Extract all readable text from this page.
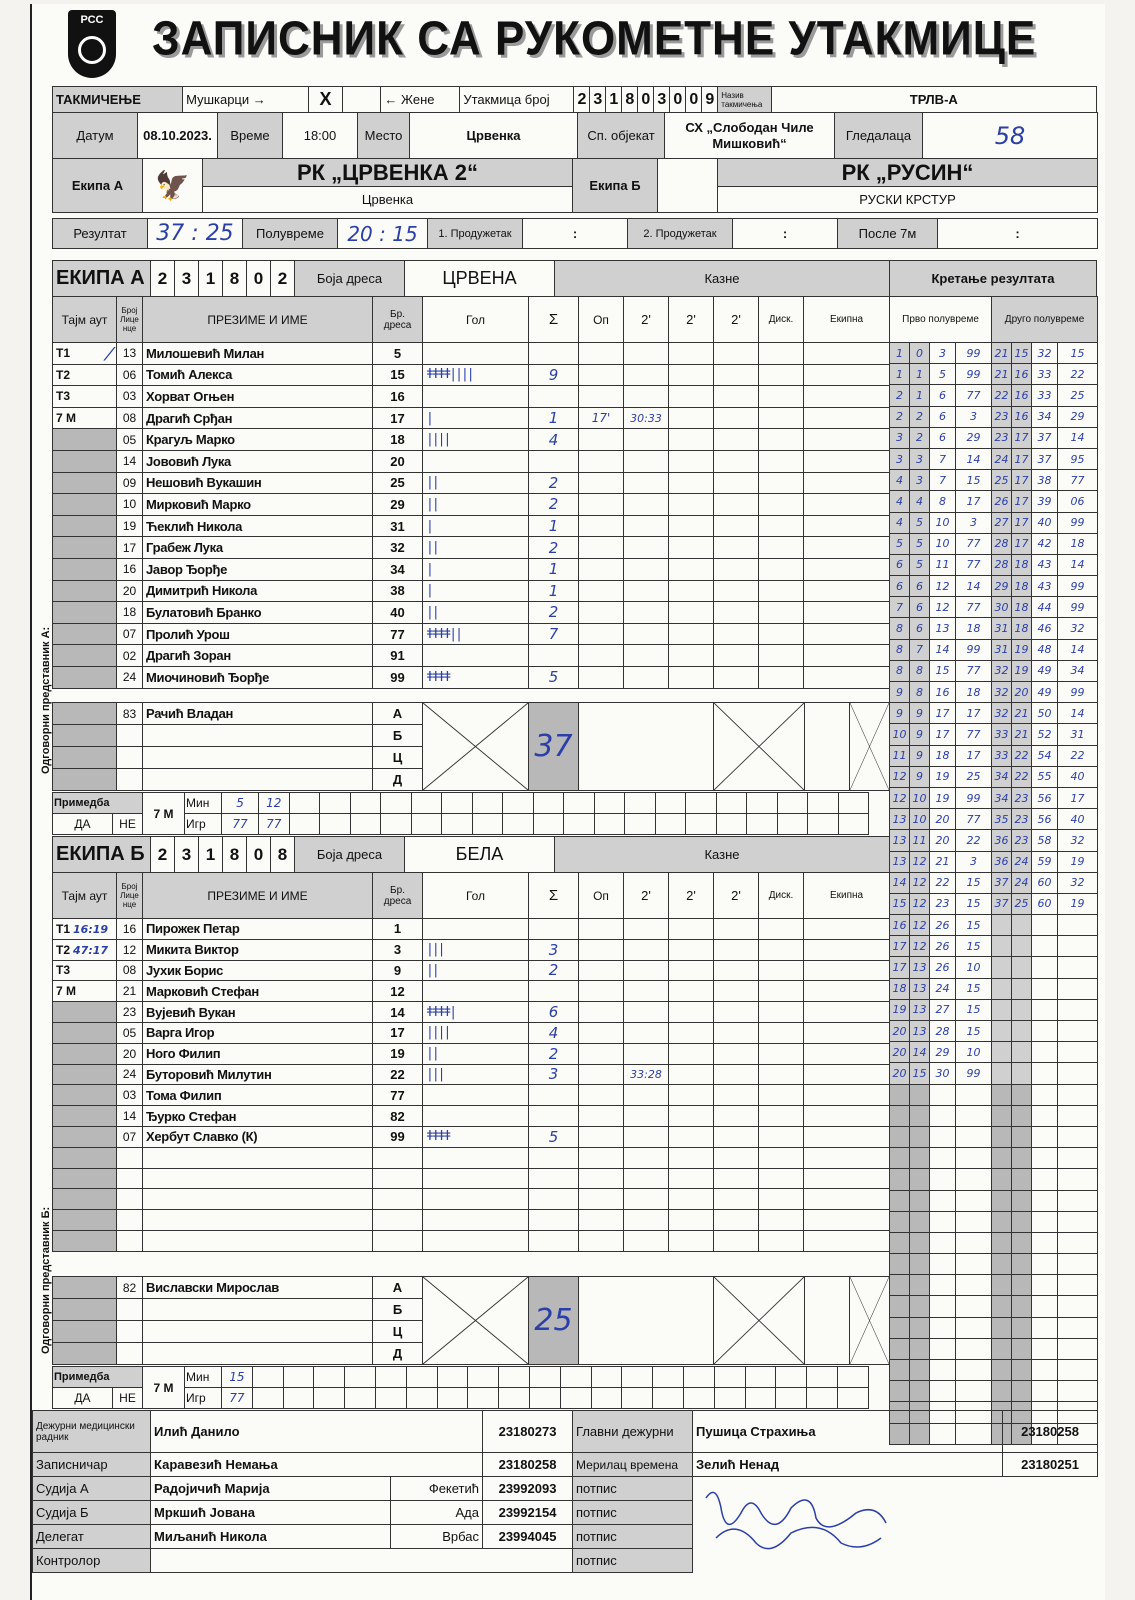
РСС ЗАПИСНИК СА РУКОМЕТНЕ УТАКМИЦЕ
ТАКМИЧЕЊЕ	Мушкарци →	X		← Жене	Утакмица број	2	3	1	8	0	3	0	0	9	Назив такмичења	ТРЛВ-А
Датум	08.10.2023.	Време	18:00	Место	Црвенка	Сп. објекат	СХ „Слободан Чиле Мишковић“	Гледалаца	58
Екипа А	🦅	РК „ЦРВЕНКА 2“	Екипа Б		РК „РУСИН“
		Црвенка			РУСКИ КРСТУР
Резултат	37 : 25	Полувреме	20 : 15	1. Продужетак	:	2. Продужетак	:	После 7м	:
ЕКИПА А	2	3	1	8	0	2	Боја дреса	ЦРВЕНА	Казне
Тајм аут	Број Лице нце	ПРЕЗИМЕ И ИМЕ	Бр. дреса	Гол	Σ	Оп	2'	2'	2'	Диск.	Екипна
Т1	13	Милошевић Милан	5								
Т2	06	Томић Алекса	15	ǂǂǂǂ||||	9						
Т3	03	Хорват Огњен	16								
7 М	08	Драгић Срђан	17	|	1	17'	30:33				
	05	Крагуљ Марко	18	||||	4						
	14	Јововић Лука	20								
	09	Нешовић Вукашин	25	||	2						
	10	Мирковић Марко	29	||	2						
	19	Ћеклић Никола	31	|	1						
	17	Грабеж Лука	32	||	2						
	16	Јавор Ђорђе	34	|	1						
	20	Димитрић Никола	38	|	1						
	18	Булатовић Бранко	40	||	2						
	07	Пролић Урош	77	ǂǂǂǂ||	7						
	02	Драгић Зоран	91								
	24	Миочиновић Ђорђе	99	ǂǂǂǂ	5						
⁄
	83	Рачић Владан	А		37		

			Б						
			Ц						
			Д						
Примедба		7 М	Мин	5	12																			
ДА	НЕ		Игр	77	77																			
Одговорни представник А:
ЕКИПА Б	2	3	1	8	0	8	Боја дреса	БЕЛА	Казне
Тајм аут	Број Лице нце	ПРЕЗИМЕ И ИМЕ	Бр. дреса	Гол	Σ	Оп	2'	2'	2'	Диск.	Екипна
Т1 16:19	16	Пирожек Петар	1								
Т2 47:17	12	Микита Виктор	3	|||	3						
Т3	08	Јухик Борис	9	||	2						
7 М	21	Марковић Стефан	12								
	23	Вујевић Вукан	14	ǂǂǂǂ|	6						
	05	Варга Игор	17	||||	4						
	20	Ного Филип	19	||	2						
	24	Буторовић Милутин	22	|||	3		33:28				
	03	Тома Филип	77								
	14	Ђурко Стефан	82								
	07	Хербут Славко (К)	99	ǂǂǂǂ	5						

	82	Виславски Мирослав	А		25		

			Б						
			Ц						
			Д						
Примедба		7 М	Мин	15																				
ДА	НЕ		Игр	77																				
Одговорни представник Б:
Кретање резултата
Прво полувреме				Друго полувреме			
1	0	3	99	21	15	32	15
1	1	5	99	21	16	33	22
2	1	6	77	22	16	33	25
2	2	6	3	23	16	34	29
3	2	6	29	23	17	37	14
3	3	7	14	24	17	37	95
4	3	7	15	25	17	38	77
4	4	8	17	26	17	39	06
4	5	10	3	27	17	40	99
5	5	10	77	28	17	42	18
6	5	11	77	28	18	43	14
6	6	12	14	29	18	43	99
7	6	12	77	30	18	44	99
8	6	13	18	31	18	46	32
8	7	14	99	31	19	48	14
8	8	15	77	32	19	49	34
9	8	16	18	32	20	49	99
9	9	17	17	32	21	50	14
10	9	17	77	33	21	52	31
11	9	18	17	33	22	54	22
12	9	19	25	34	22	55	40
12	10	19	99	34	23	56	17
13	10	20	77	35	23	56	40
13	11	20	22	36	23	58	32
13	12	21	3	36	24	59	19
14	12	22	15	37	24	60	32
15	12	23	15	37	25	60	19
16	12	26	15				
17	12	26	15				
17	13	26	10				
18	13	24	15				
19	13	27	15				
20	13	28	15				
20	14	29	10				
20	15	30	99				

Дежурни медицински радник	Илић Данило		23180273	Главни дежурни	Пушица Страхиња	23180258
Записничар	Каравезић Немања		23180258	Мерилац времена	Зелић Ненад	23180251
Судија А	Радојичић Марија	Фекетић	23992093	потпис	
Судија Б	Мркшић Јована	Ада	23992154	потпис		
Делегат	Миљанић Никола	Врбас	23994045	потпис		
Контролор				потпис		
